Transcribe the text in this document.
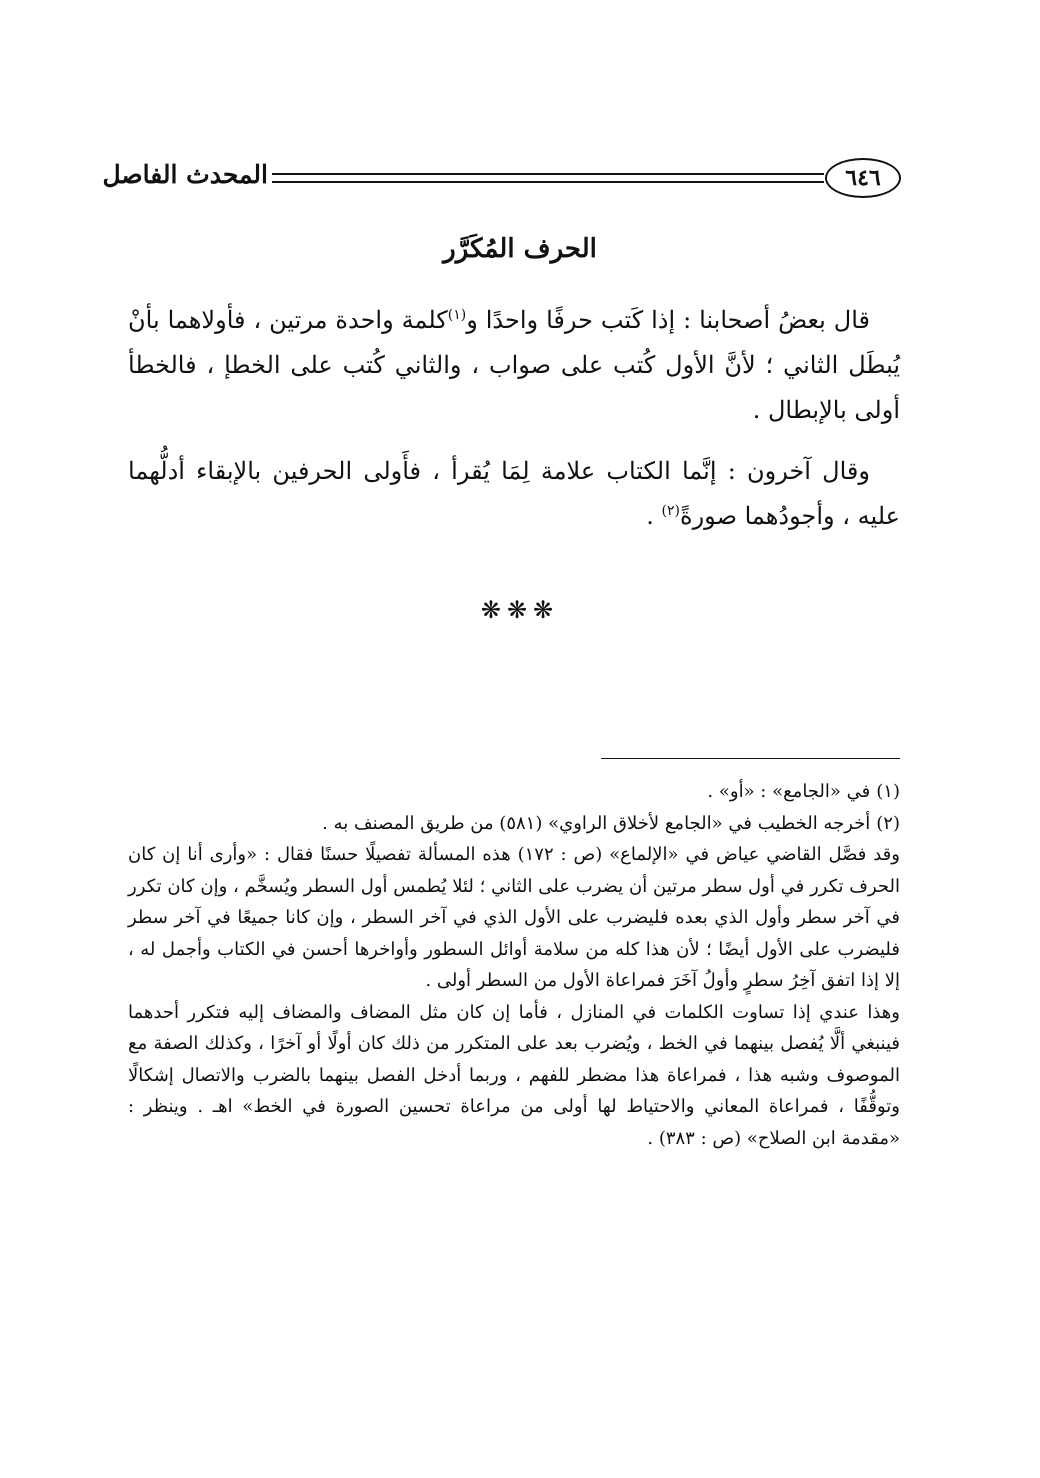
٦٤٦
المحدث الفاصل
الحرف المُكَرَّر

قال بعضُ أصحابنا : إذا كَتب حرفًا واحدًا و$^{(١)}$كلمة واحدة مرتين ، فأولاهما بأنْ يُبطَل الثاني ؛ لأنَّ الأول كُتب على صواب ، والثاني كُتب على الخطإ ، فالخطأ أولى بالإبطال .

وقال آخرون : إنَّما الكتاب علامة لِمَا يُقرأ ، فأَولى الحرفين بالإبقاء أدلُّهما عليه ، وأجودُهما صورةً$^{(٢)}$ .

❋❋❋

(١)في «الجامع» : «أو» .

(٢)أخرجه الخطيب في «الجامع لأخلاق الراوي» (٥٨١) من طريق المصنف به .

وقد فصَّل القاضي عياض في «الإلماع» (ص : ١٧٢) هذه المسألة تفصيلًا حسنًا فقال : «وأرى أنا إن كان الحرف تكرر في أول سطر مرتين أن يضرب على الثاني ؛ لئلا يُطمس أول السطر ويُسخَّم ، وإن كان تكرر في آخر سطر وأول الذي بعده فليضرب على الأول الذي في آخر السطر ، وإن كانا جميعًا في آخر سطر فليضرب على الأول أيضًا ؛ لأن هذا كله من سلامة أوائل السطور وأواخرها أحسن في الكتاب وأجمل له ، إلا إذا اتفق آخِرُ سطرٍ وأولُ آخَرَ فمراعاة الأول من السطر أولى .

وهذا عندي إذا تساوت الكلمات في المنازل ، فأما إن كان مثل المضاف والمضاف إليه فتكرر أحدهما فينبغي ألَّا يُفصل بينهما في الخط ، ويُضرب بعد على المتكرر من ذلك كان أولًا أو آخرًا ، وكذلك الصفة مع الموصوف وشبه هذا ، فمراعاة هذا مضطر للفهم ، وربما أدخل الفصل بينهما بالضرب والاتصال إشكالًا وتوقُّفًا ، فمراعاة المعاني والاحتياط لها أولى من مراعاة تحسين الصورة في الخط» اهـ . وينظر : «مقدمة ابن الصلاح» (ص : ٣٨٣) .
